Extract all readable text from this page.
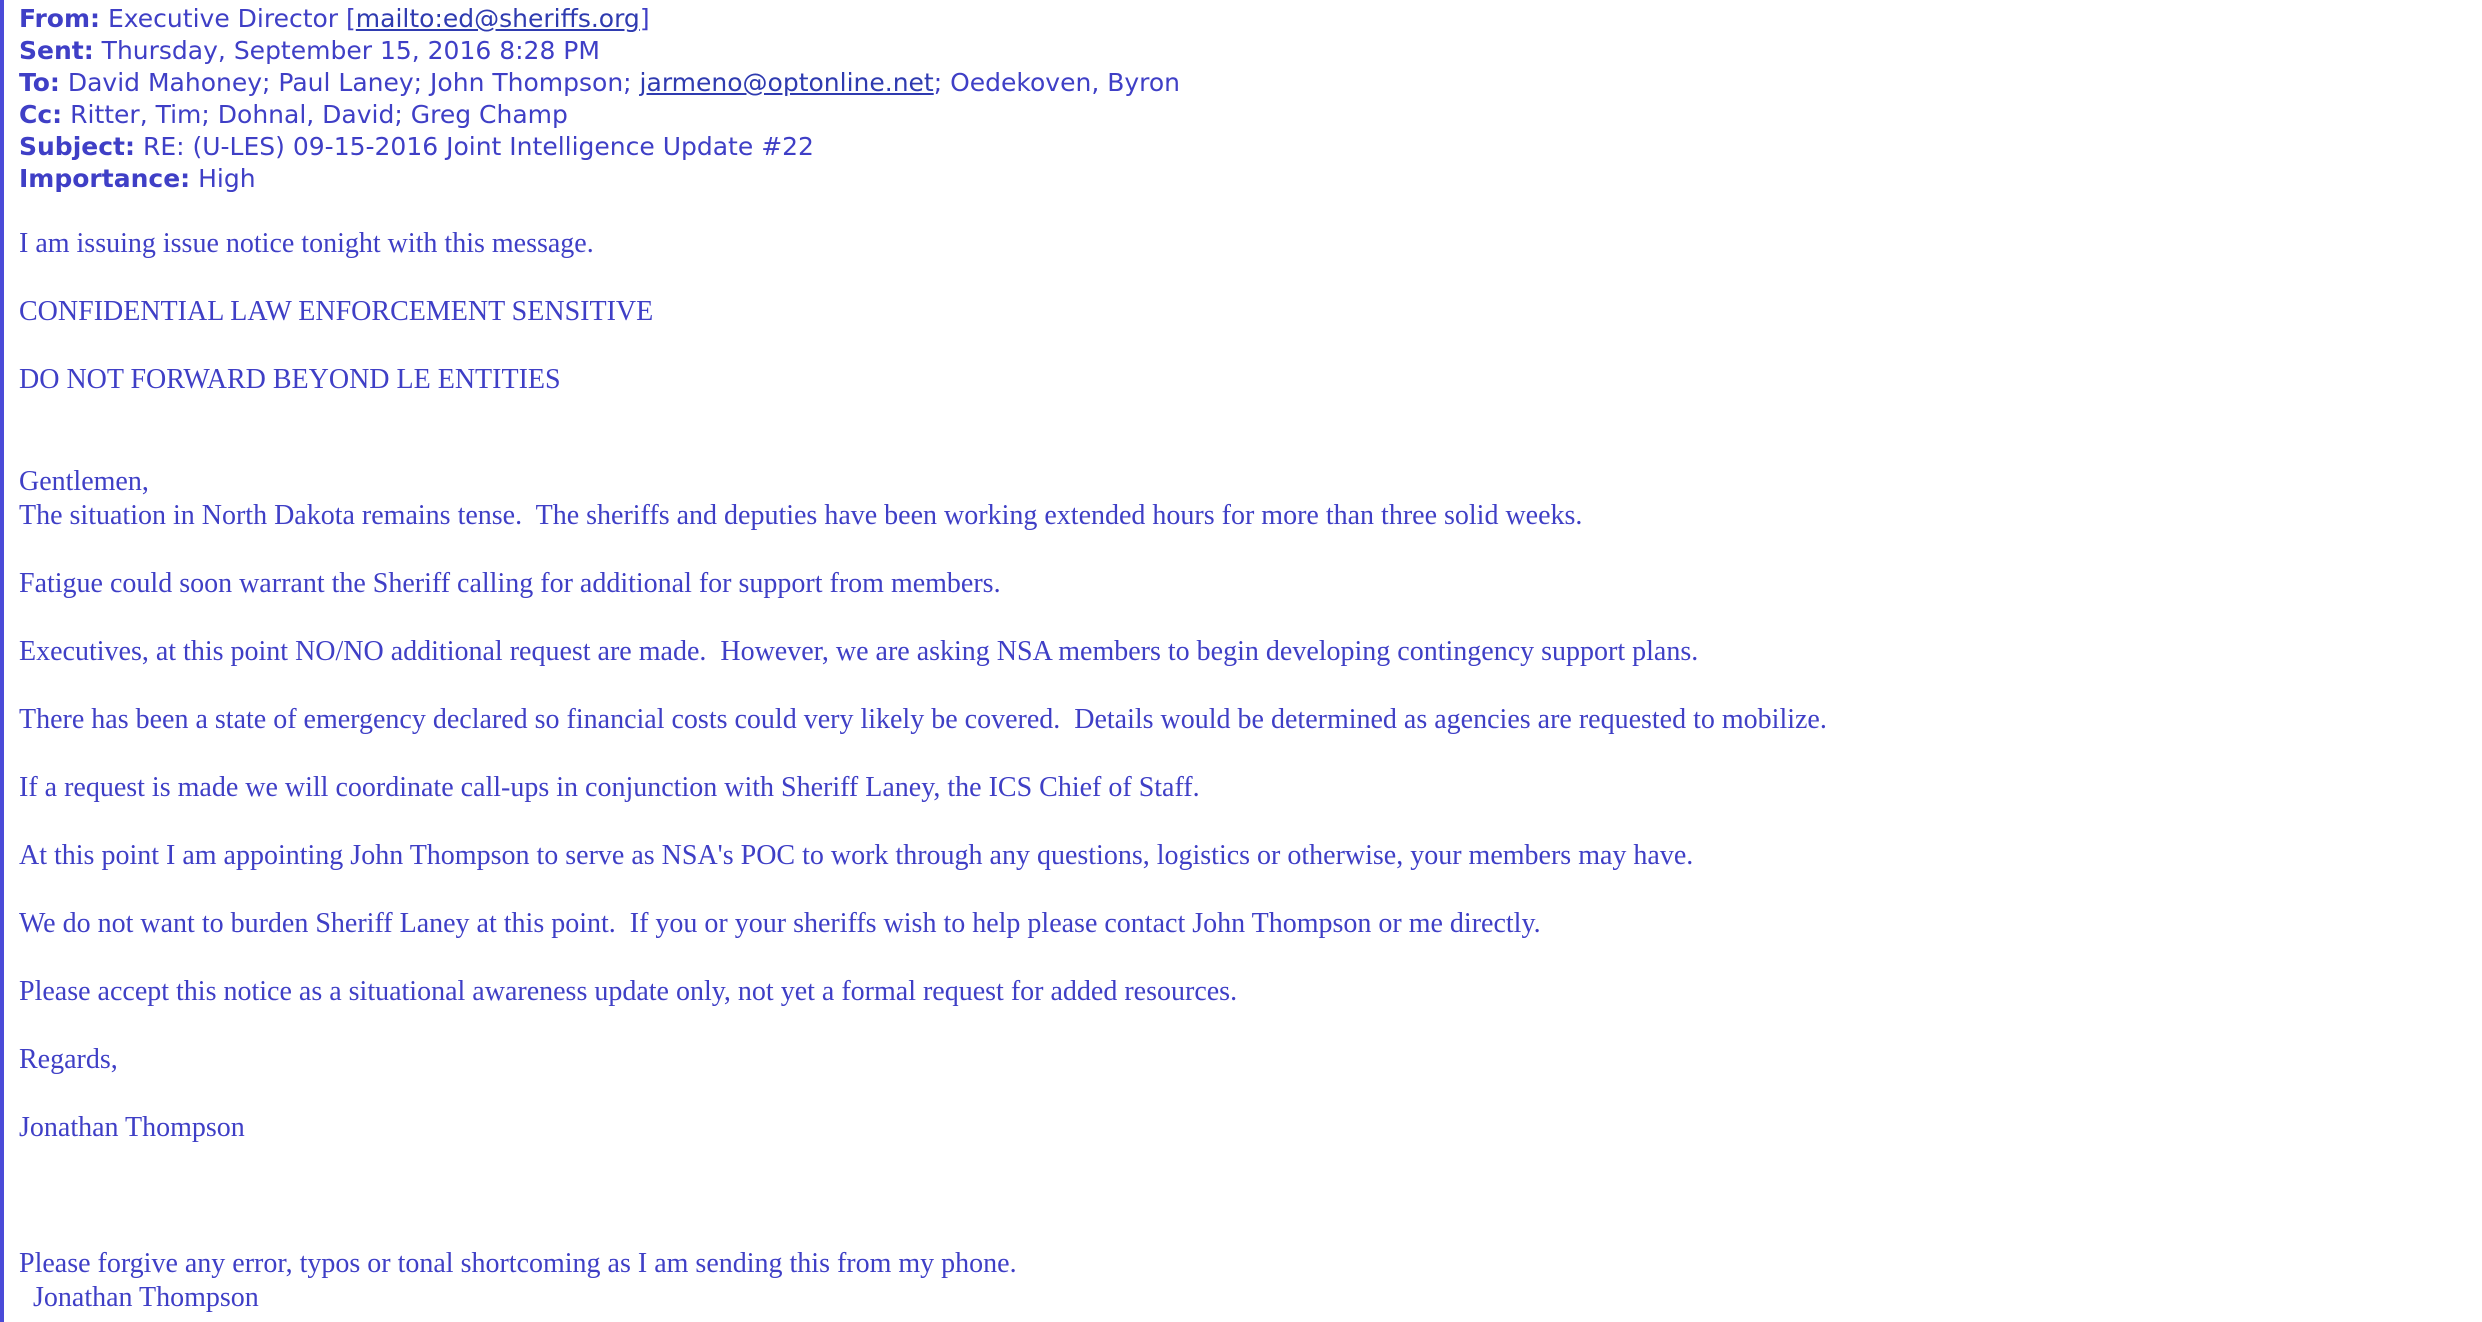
From: Executive Director [mailto:ed@sheriffs.org]
Sent: Thursday, September 15, 2016 8:28 PM
To: David Mahoney; Paul Laney; John Thompson; jarmeno@optonline.net; Oedekoven, Byron
Cc: Ritter, Tim; Dohnal, David; Greg Champ
Subject: RE: (U-LES) 09-15-2016 Joint Intelligence Update #22
Importance: High

I am issuing issue notice tonight with this message.

CONFIDENTIAL LAW ENFORCEMENT SENSITIVE

DO NOT FORWARD BEYOND LE ENTITIES

Gentlemen,

The situation in North Dakota remains tense.  The sheriffs and deputies have been working extended hours for more than three solid weeks.

Fatigue could soon warrant the Sheriff calling for additional for support from members.

Executives, at this point NO/NO additional request are made.  However, we are asking NSA members to begin developing contingency support plans.

There has been a state of emergency declared so financial costs could very likely be covered.  Details would be determined as agencies are requested to mobilize.

If a request is made we will coordinate call-ups in conjunction with Sheriff Laney, the ICS Chief of Staff.

At this point I am appointing John Thompson to serve as NSA's POC to work through any questions, logistics or otherwise, your members may have.

We do not want to burden Sheriff Laney at this point.  If you or your sheriffs wish to help please contact John Thompson or me directly.

Please accept this notice as a situational awareness update only, not yet a formal request for added resources.

Regards,

Jonathan Thompson

Please forgive any error, typos or tonal shortcoming as I am sending this from my phone.

Jonathan Thompson
